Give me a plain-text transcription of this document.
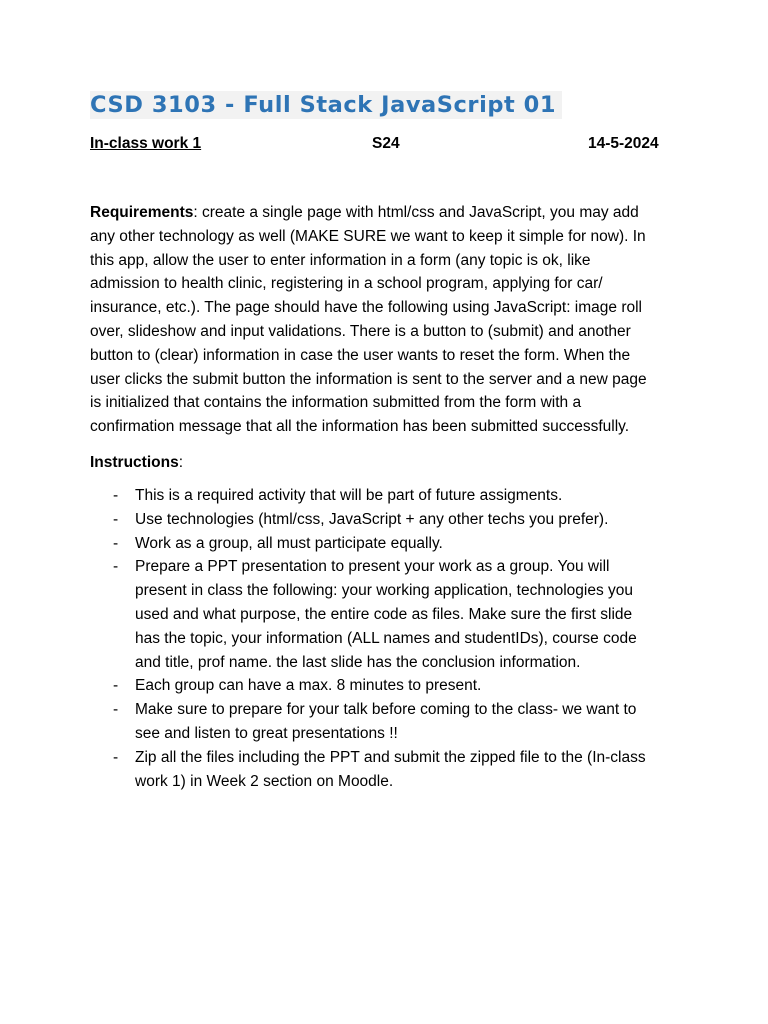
CSD 3103 - Full Stack JavaScript 01
In-class work 1	S24	14-5-2024
Requirements: create a single page with html/css and JavaScript, you may add
any other technology as well (MAKE SURE we want to keep it simple for now). In
this app, allow the user to enter information in a form (any topic is ok, like
admission to health clinic, registering in a school program, applying for car/
insurance, etc.). The page should have the following using JavaScript: image roll
over, slideshow and input validations. There is a button to (submit) and another
button to (clear) information in case the user wants to reset the form. When the
user clicks the submit button the information is sent to the server and a new page
is initialized that contains the information submitted from the form with a
confirmation message that all the information has been submitted successfully.
Instructions:
- This is a required activity that will be part of future assigments.
- Use technologies (html/css, JavaScript + any other techs you prefer).
- Work as a group, all must participate equally.
- Prepare a PPT presentation to present your work as a group. You will
present in class the following: your working application, technologies you
used and what purpose, the entire code as files. Make sure the first slide
has the topic, your information (ALL names and studentIDs), course code
and title, prof name. the last slide has the conclusion information.
- Each group can have a max. 8 minutes to present.
- Make sure to prepare for your talk before coming to the class- we want to
see and listen to great presentations !!
- Zip all the files including the PPT and submit the zipped file to the (In-class
work 1) in Week 2 section on Moodle.
